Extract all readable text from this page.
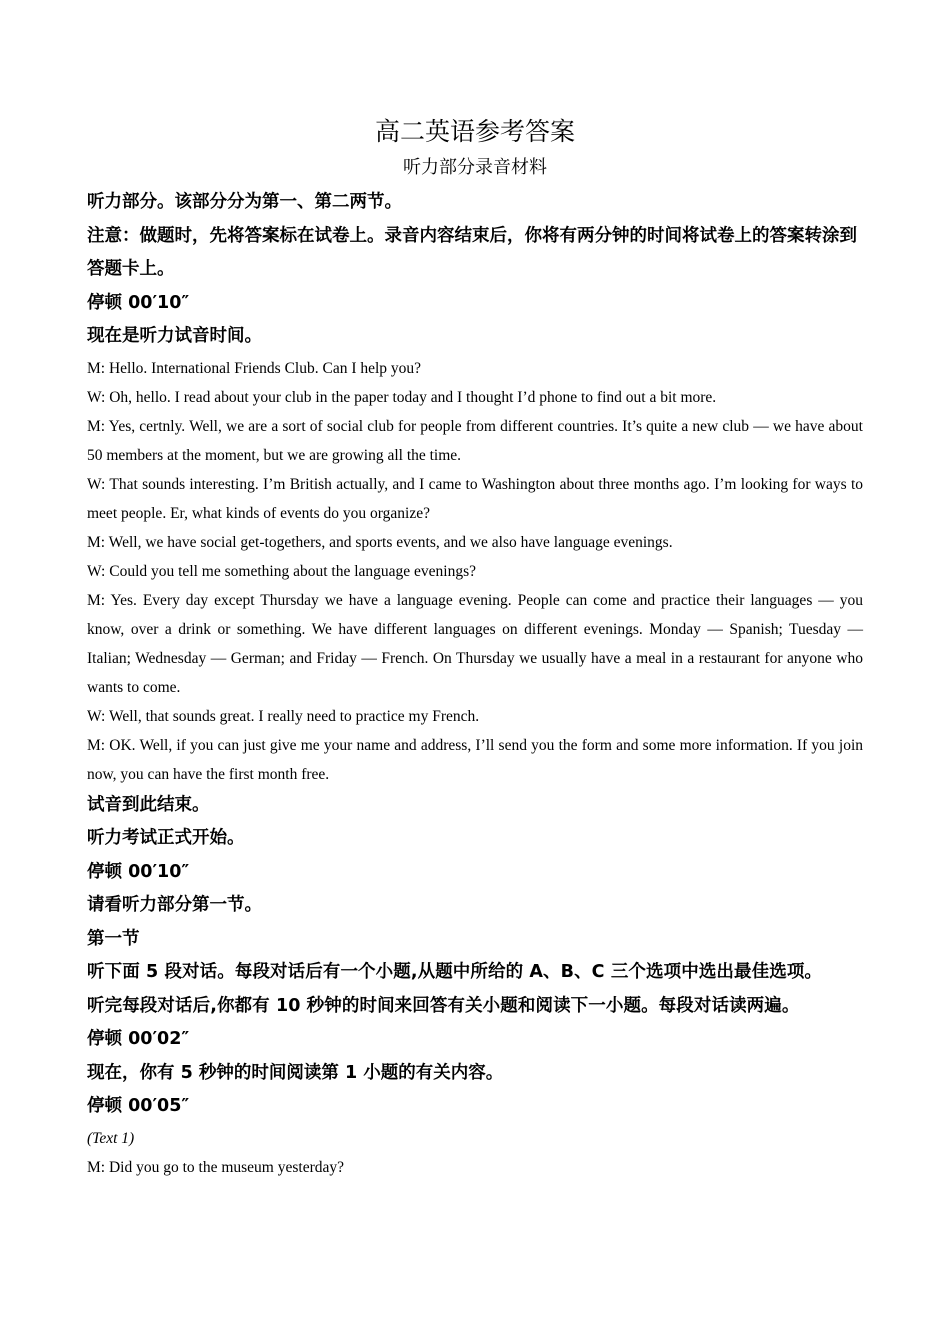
高二英语参考答案

听力部分录音材料

听力部分。该部分分为第一、第二两节。

注意：做题时，先将答案标在试卷上。录音内容结束后，你将有两分钟的时间将试卷上的答案转涂到答题卡上。

停顿 00′10″

现在是听力试音时间。

M: Hello. International Friends Club. Can I help you?

W: Oh, hello. I read about your club in the paper today and I thought I’d phone to find out a bit more.

M: Yes, certnly. Well, we are a sort of social club for people from different countries. It’s quite a new club — we have about 50 members at the moment, but we are growing all the time.

W: That sounds interesting. I’m British actually, and I came to Washington about three months ago. I’m looking for ways to meet people. Er, what kinds of events do you organize?

M: Well, we have social get-togethers, and sports events, and we also have language evenings.

W: Could you tell me something about the language evenings?

M: Yes. Every day except Thursday we have a language evening. People can come and practice their languages — you know, over a drink or something. We have different languages on different evenings. Monday — Spanish; Tuesday — Italian; Wednesday — German; and Friday — French. On Thursday we usually have a meal in a restaurant for anyone who wants to come.

W: Well, that sounds great. I really need to practice my French.

M: OK. Well, if you can just give me your name and address, I’ll send you the form and some more information. If you join now, you can have the first month free.

试音到此结束。

听力考试正式开始。

停顿 00′10″

请看听力部分第一节。

第一节

听下面 5 段对话。每段对话后有一个小题,从题中所给的 A、B、C 三个选项中选出最佳选项。

听完每段对话后,你都有 10 秒钟的时间来回答有关小题和阅读下一小题。每段对话读两遍。

停顿 00′02″

现在，你有 5 秒钟的时间阅读第 1 小题的有关内容。

停顿 00′05″

(Text 1)

M: Did you go to the museum yesterday?
